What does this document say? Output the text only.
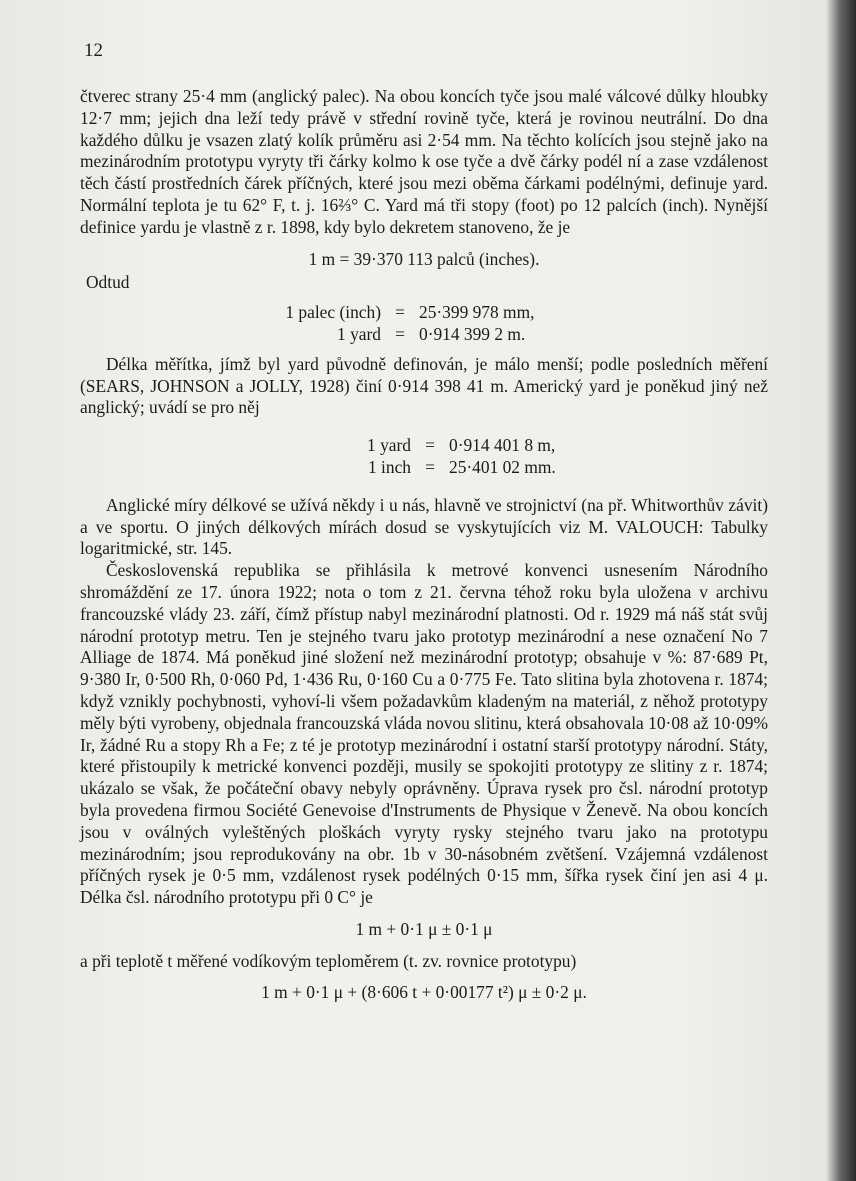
12

čtverec strany 25·4 mm (anglický palec). Na obou koncích tyče jsou malé válcové důlky hloubky 12·7 mm; jejich dna leží tedy právě v střední rovině tyče, která je rovinou neutrální. Do dna každého důlku je vsazen zlatý kolík průměru asi 2·54 mm. Na těchto kolících jsou stejně jako na mezinárodním prototypu vyryty tři čárky kolmo k ose tyče a dvě čárky podél ní a zase vzdálenost těch částí prostředních čárek příčných, které jsou mezi oběma čárkami podélnými, definuje yard. Normální teplota je tu 62° F, t. j. 16⅔° C. Yard má tři stopy (foot) po 12 palcích (inch). Nynější definice yardu je vlastně z r. 1898, kdy bylo dekretem stanoveno, že je

1 m = 39·370 113 palců (inches).

Odtud
1 palec (inch) = 25·399 978 mm,
1 yard = 0·914 399 2 m.

Délka měřítka, jímž byl yard původně definován, je málo menší; podle posledních měření (SEARS, JOHNSON a JOLLY, 1928) činí 0·914 398 41 m. Americký yard je poněkud jiný než anglický; uvádí se pro něj

1 yard = 0·914 401 8 m,
1 inch = 25·401 02 mm.

Anglické míry délkové se užívá někdy i u nás, hlavně ve strojnictví (na př. Whitworthův závit) a ve sportu. O jiných délkových mírách dosud se vyskytujících viz M. VALOUCH: Tabulky logaritmické, str. 145.

Československá republika se přihlásila k metrové konvenci usnesením Národního shromáždění ze 17. února 1922; nota o tom z 21. června téhož roku byla uložena v archivu francouzské vlády 23. září, čímž přístup nabyl mezinárodní platnosti. Od r. 1929 má náš stát svůj národní prototyp metru. Ten je stejného tvaru jako prototyp mezinárodní a nese označení No 7 Alliage de 1874. Má poněkud jiné složení než mezinárodní prototyp; obsahuje v %: 87·689 Pt, 9·380 Ir, 0·500 Rh, 0·060 Pd, 1·436 Ru, 0·160 Cu a 0·775 Fe. Tato slitina byla zhotovena r. 1874; když vznikly pochybnosti, vyhoví-li všem požadavkům kladeným na materiál, z něhož prototypy měly býti vyrobeny, objednala francouzská vláda novou slitinu, která obsahovala 10·08 až 10·09% Ir, žádné Ru a stopy Rh a Fe; z té je prototyp mezinárodní i ostatní starší prototypy národní. Státy, které přistoupily k metrické konvenci později, musily se spokojiti prototypy ze slitiny z r. 1874; ukázalo se však, že počáteční obavy nebyly oprávněny. Úprava rysek pro čsl. národní prototyp byla provedena firmou Société Genevoise d'Instruments de Physique v Ženevě. Na obou koncích jsou v oválných vyleštěných ploškách vyryty rysky stejného tvaru jako na prototypu mezinárodním; jsou reprodukovány na obr. 1b v 30-násobném zvětšení. Vzájemná vzdálenost příčných rysek je 0·5 mm, vzdálenost rysek podélných 0·15 mm, šířka rysek činí jen asi 4 μ. Délka čsl. národního prototypu při 0 C° je

1 m + 0·1 μ ± 0·1 μ

a při teplotě t měřené vodíkovým teploměrem (t. zv. rovnice prototypu)

1 m + 0·1 μ + (8·606 t + 0·00177 t²) μ ± 0·2 μ.
